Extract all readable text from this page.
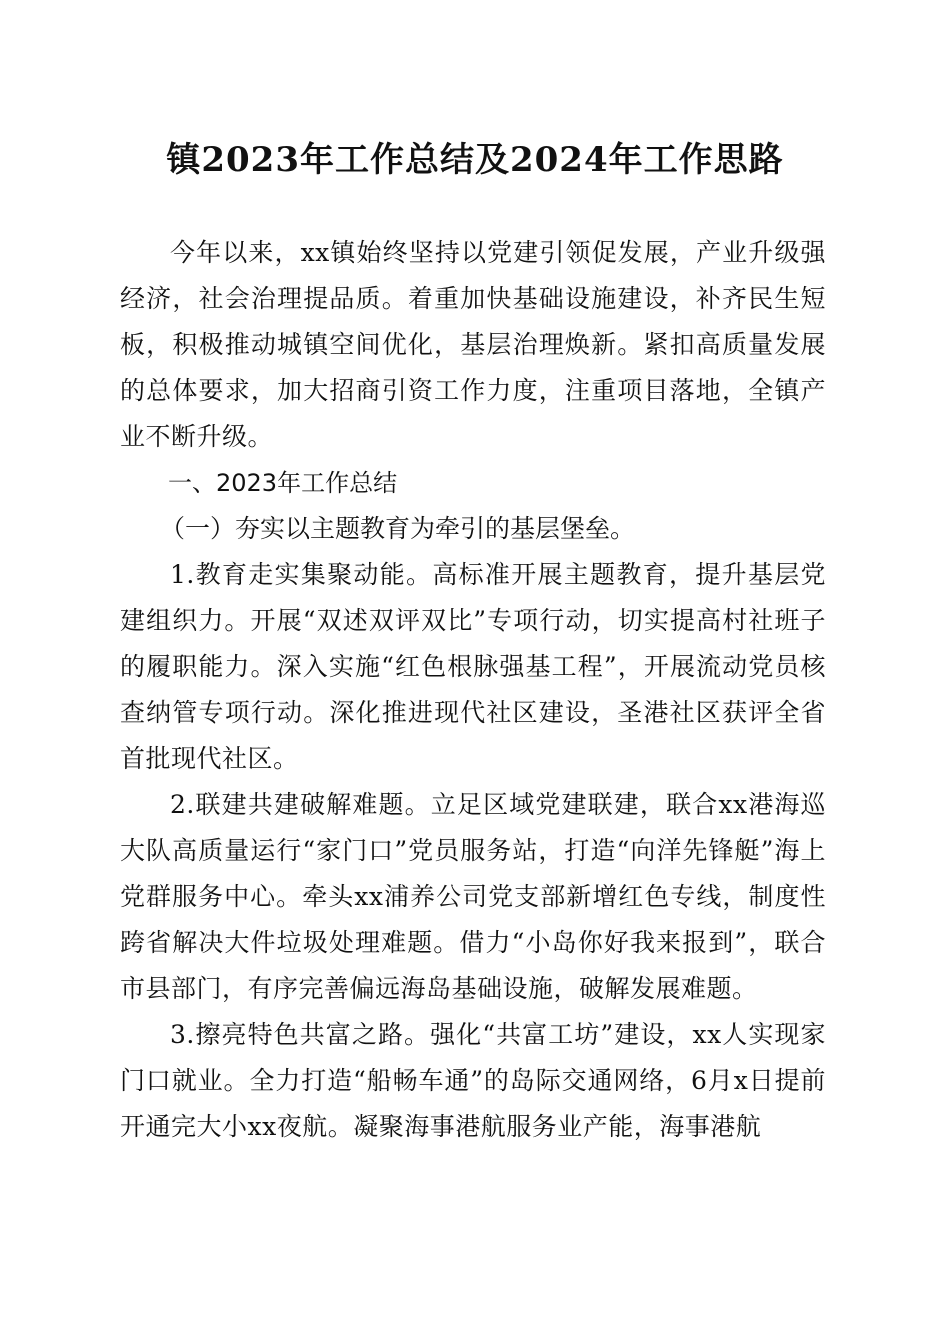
镇2023年工作总结及2024年工作思路

今年以来，xx镇始终坚持以党建引领促发展，产业升级强经济，社会治理提品质。着重加快基础设施建设，补齐民生短板，积极推动城镇空间优化，基层治理焕新。紧扣高质量发展的总体要求，加大招商引资工作力度，注重项目落地，全镇产业不断升级。

一、2023年工作总结

（一）夯实以主题教育为牵引的基层堡垒。

1.教育走实集聚动能。高标准开展主题教育，提升基层党建组织力。开展“双述双评双比”专项行动，切实提高村社班子的履职能力。深入实施“红色根脉强基工程”，开展流动党员核查纳管专项行动。深化推进现代社区建设，圣港社区获评全省首批现代社区。

2.联建共建破解难题。立足区域党建联建，联合xx港海巡大队高质量运行“家门口”党员服务站，打造“向洋先锋艇”海上党群服务中心。牵头xx浦养公司党支部新增红色专线，制度性跨省解决大件垃圾处理难题。借力“小岛你好我来报到”，联合市县部门，有序完善偏远海岛基础设施，破解发展难题。

3.擦亮特色共富之路。强化“共富工坊”建设，xx人实现家门口就业。全力打造“船畅车通”的岛际交通网络，6月x日提前开通完大小xx夜航。凝聚海事港航服务业产能，海事港航
